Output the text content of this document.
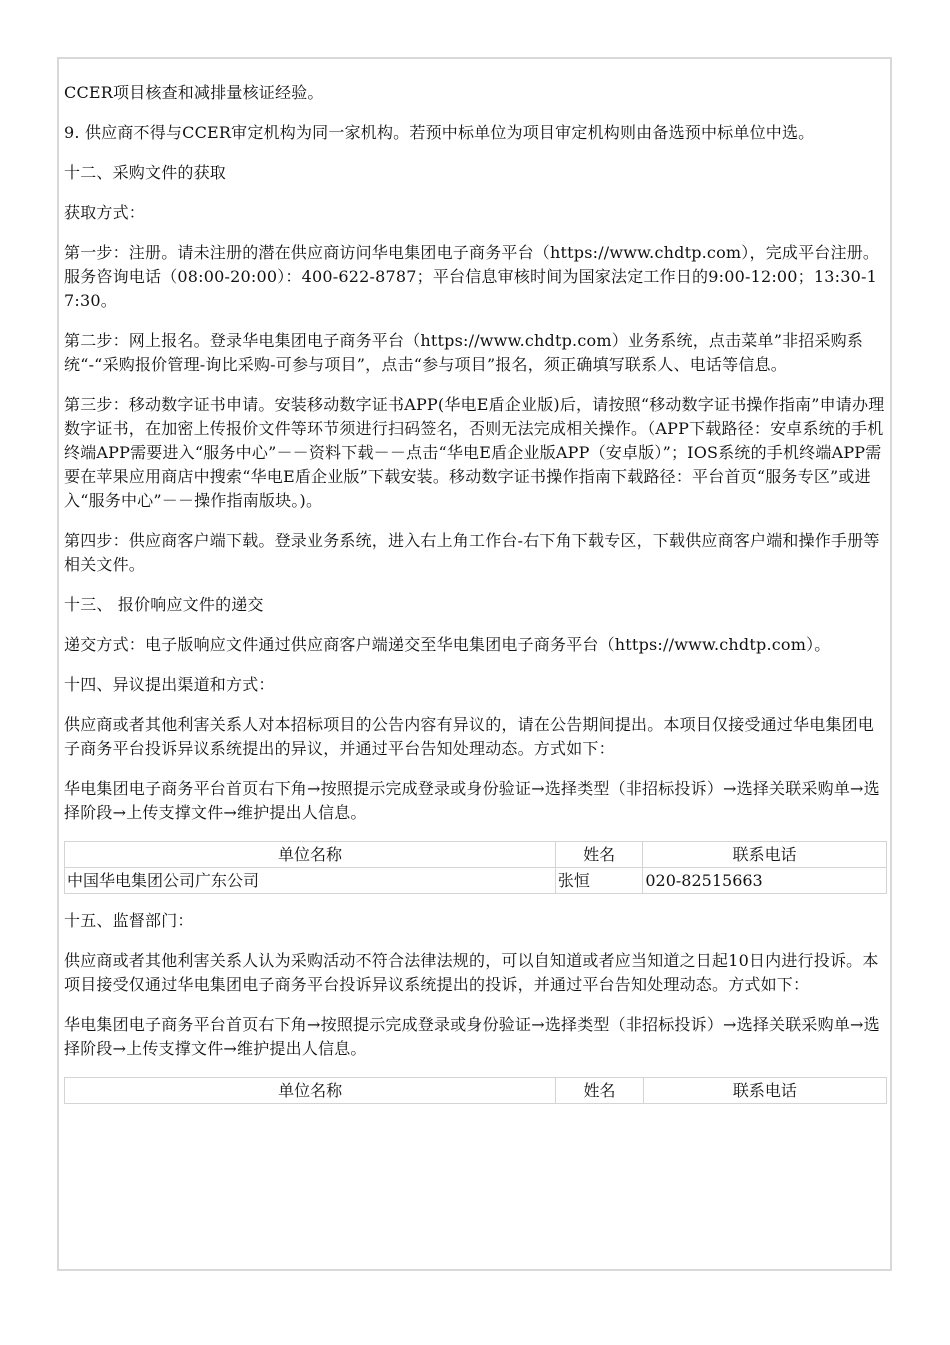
CCER项目核查和减排量核证经验。

9. 供应商不得与CCER审定机构为同一家机构。若预中标单位为项目审定机构则由备选预中标单位中选。

十二、采购文件的获取

获取方式：

第一步：注册。请未注册的潜在供应商访问华电集团电子商务平台（https://www.chdtp.com），完成平台注册。服务咨询电话（08:00-20:00）：400-622-8787；平台信息审核时间为国家法定工作日的9:00-12:00；13:30-17:30。

第二步：网上报名。登录华电集团电子商务平台（https://www.chdtp.com）业务系统，点击菜单”非招采购系统“-“采购报价管理-询比采购-可参与项目”，点击“参与项目”报名，须正确填写联系人、电话等信息。

第三步：移动数字证书申请。安装移动数字证书APP(华电E盾企业版)后，请按照“移动数字证书操作指南”申请办理数字证书，在加密上传报价文件等环节须进行扫码签名，否则无法完成相关操作。（APP下载路径：安卓系统的手机终端APP需要进入“服务中心”－－资料下载－－点击“华电E盾企业版APP（安卓版）”；IOS系统的手机终端APP需要在苹果应用商店中搜索“华电E盾企业版”下载安装。移动数字证书操作指南下载路径：平台首页“服务专区”或进入“服务中心”－－操作指南版块。)。

第四步：供应商客户端下载。登录业务系统，进入右上角工作台-右下角下载专区，下载供应商客户端和操作手册等相关文件。

十三、 报价响应文件的递交

递交方式：电子版响应文件通过供应商客户端递交至华电集团电子商务平台（https://www.chdtp.com）。

十四、异议提出渠道和方式：

供应商或者其他利害关系人对本招标项目的公告内容有异议的，请在公告期间提出。本项目仅接受通过华电集团电子商务平台投诉异议系统提出的异议，并通过平台告知处理动态。方式如下：

华电集团电子商务平台首页右下角→按照提示完成登录或身份验证→选择类型（非招标投诉）→选择关联采购单→选择阶段→上传支撑文件→维护提出人信息。

单位名称	姓名	联系电话
中国华电集团公司广东公司	张恒	020-82515663

十五、监督部门：

供应商或者其他利害关系人认为采购活动不符合法律法规的，可以自知道或者应当知道之日起10日内进行投诉。本项目接受仅通过华电集团电子商务平台投诉异议系统提出的投诉，并通过平台告知处理动态。方式如下：

华电集团电子商务平台首页右下角→按照提示完成登录或身份验证→选择类型（非招标投诉）→选择关联采购单→选择阶段→上传支撑文件→维护提出人信息。

单位名称	姓名	联系电话
